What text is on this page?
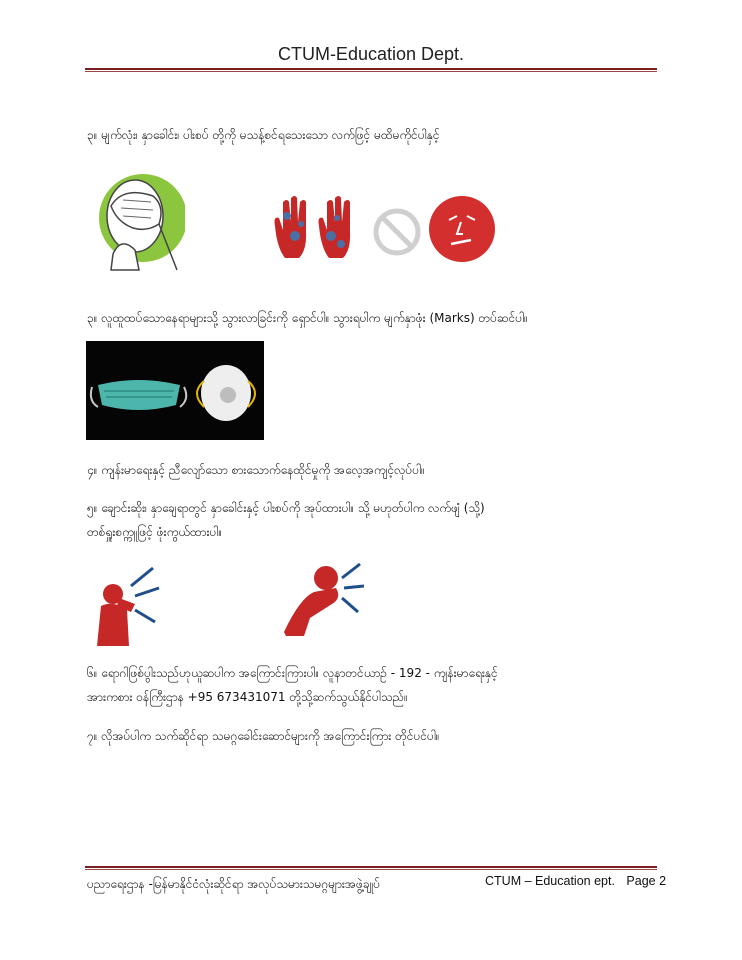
CTUM-Education Dept.
၃။ မျက်လုံး၊ နှာခေါင်း၊ ပါးစပ် တို့ကို မသန့်စင်ရသေးသော လက်ဖြင့် မထိမကိုင်ပါနှင့်
၃။ လူထူထပ်သောနေရာများသို့ သွားလာခြင်းကို ရှောင်ပါ။ သွားရပါက မျက်နှာဖုံး (Marks) တပ်ဆင်ပါ။
၄။ ကျန်းမာရေးနှင့် ညီလျော်သော စားသောက်နေထိုင်မှုကို အလေ့အကျင့်လုပ်ပါ။
၅။ ချောင်းဆိုး၊ နှာချေရာတွင် နှာခေါင်းနှင့် ပါးစပ်ကို အုပ်ထားပါ။ သို့ မဟုတ်ပါက လက်ဖျံ (သို့)
တစ်ရှူးစက္ကူဖြင့် ဖုံးကွယ်ထားပါ။
၆။ ရောဂါဖြစ်ပွါးသည်ဟုယူဆပါက အကြောင်းကြားပါ။ လူနာတင်ယာဉ် - 192 - ကျန်းမာရေးနှင့်
အားကစား ဝန်ကြီးဌာန +95 673431071 တို့သို့ဆက်သွယ်နိုင်ပါသည်။
၇။ လိုအပ်ပါက သက်ဆိုင်ရာ သမဂ္ဂခေါင်းဆောင်များကို အကြောင်းကြား တိုင်ပင်ပါ။
ပညာရေးဌာန -မြန်မာနိုင်ငံလုံးဆိုင်ရာ အလုပ်သမားသမဂ္ဂများအဖွဲ့ချုပ်	CTUM – Education ept. Page 2
